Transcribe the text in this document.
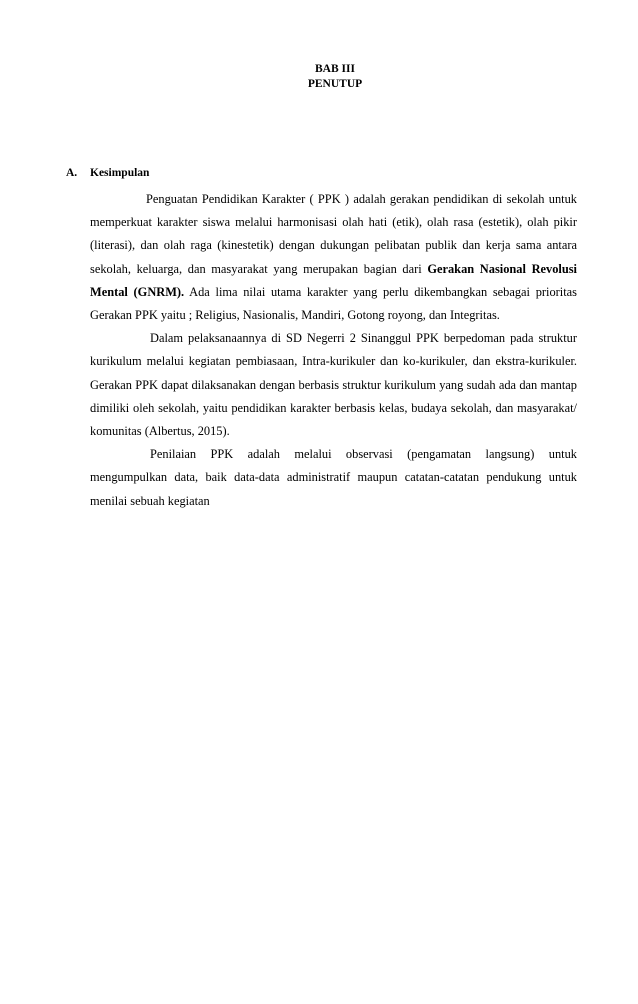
BAB III
PENUTUP
A. Kesimpulan

Penguatan Pendidikan Karakter ( PPK ) adalah gerakan pendidikan di sekolah untuk memperkuat karakter siswa melalui harmonisasi olah hati (etik), olah rasa (estetik), olah pikir (literasi), dan olah raga (kinestetik) dengan dukungan pelibatan publik dan kerja sama antara sekolah, keluarga, dan masyarakat yang merupakan bagian dari Gerakan Nasional Revolusi Mental (GNRM). Ada lima nilai utama karakter yang perlu dikembangkan sebagai prioritas Gerakan PPK yaitu ; Religius, Nasionalis, Mandiri, Gotong royong, dan Integritas.

Dalam pelaksanaannya di SD Negerri 2 Sinanggul PPK berpedoman pada struktur kurikulum melalui kegiatan pembiasaan, Intra-kurikuler dan ko-kurikuler, dan ekstra-kurikuler. Gerakan PPK dapat dilaksanakan dengan berbasis struktur kurikulum yang sudah ada dan mantap dimiliki oleh sekolah, yaitu pendidikan karakter berbasis kelas, budaya sekolah, dan masyarakat/ komunitas (Albertus, 2015).

Penilaian PPK adalah melalui observasi (pengamatan langsung) untuk mengumpulkan data, baik data-data administratif maupun catatan-catatan pendukung untuk menilai sebuah kegiatan
